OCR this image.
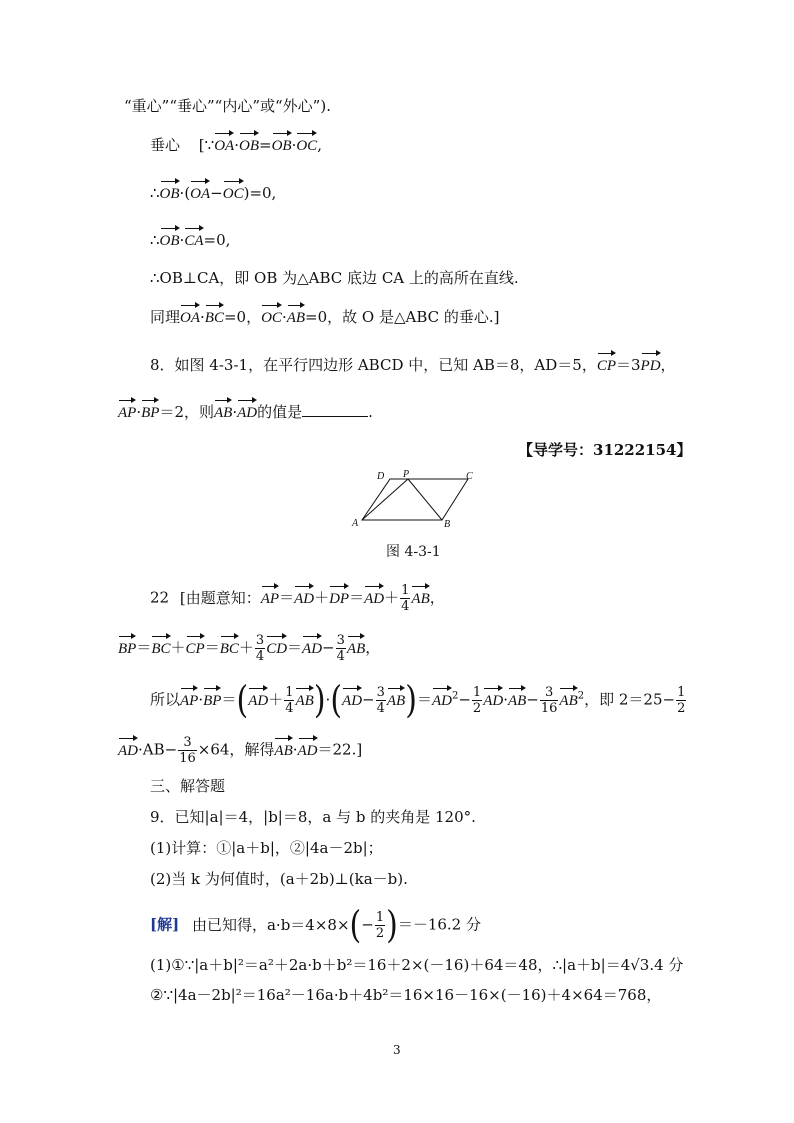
“重心”“垂心”“内心”或“外心”).
垂心 [∵OA·OB=OB·OC,
∴OB·(OA−OC)=0,
∴OB·CA=0,
∴OB⊥CA，即 OB 为△ABC 底边 CA 上的高所在直线.
同理OA·BC=0，OC·AB=0，故 O 是△ABC 的垂心.]
8．如图 4-3-1，在平行四边形 ABCD 中，已知 AB＝8，AD＝5，CP＝3PD，
AP·BP＝2，则AB·AD的值是	.
【导学号：31222154】
A	B
C
D P
图 4-3-1
22 [由题意知：$AP=AD+DP=AD+ \frac{1}{4}$ AB，
$BP=BC+CP=BC+ \frac{3}{4} CD=AD- \frac{3}{4}$ AB，
所以$AP\cdot BP=(AD+ \frac{1}{4} AB)\cdot(AD- \frac{3}{4} AB)=AD^2- \frac{1}{2} AD\cdot AB- \frac{3}{16} AB^2$，即 $2=25- \frac{1}{2}$
$AD\cdot AB- \frac{3}{16} \times 64$，解得AB·AD＝22.]
三、解答题
9．已知|a|＝4，|b|＝8，a 与 b 的夹角是 120°.
(1)计算：①|a＋b|，②|4a－2b|；
(2)当 k 为何值时，(a＋2b)⊥(ka－b).
[解] 由已知得，$a\cdot b=4\times 8\times(- \frac{1}{2} )=-16.2$ 分
(1)①∵|a＋b|²＝a²＋2a·b＋b²＝16＋2×(－16)＋64＝48，∴|a＋b|＝4√3.4 分
②∵|4a－2b|²＝16a²－16a·b＋4b²＝16×16－16×(－16)＋4×64＝768，
3
